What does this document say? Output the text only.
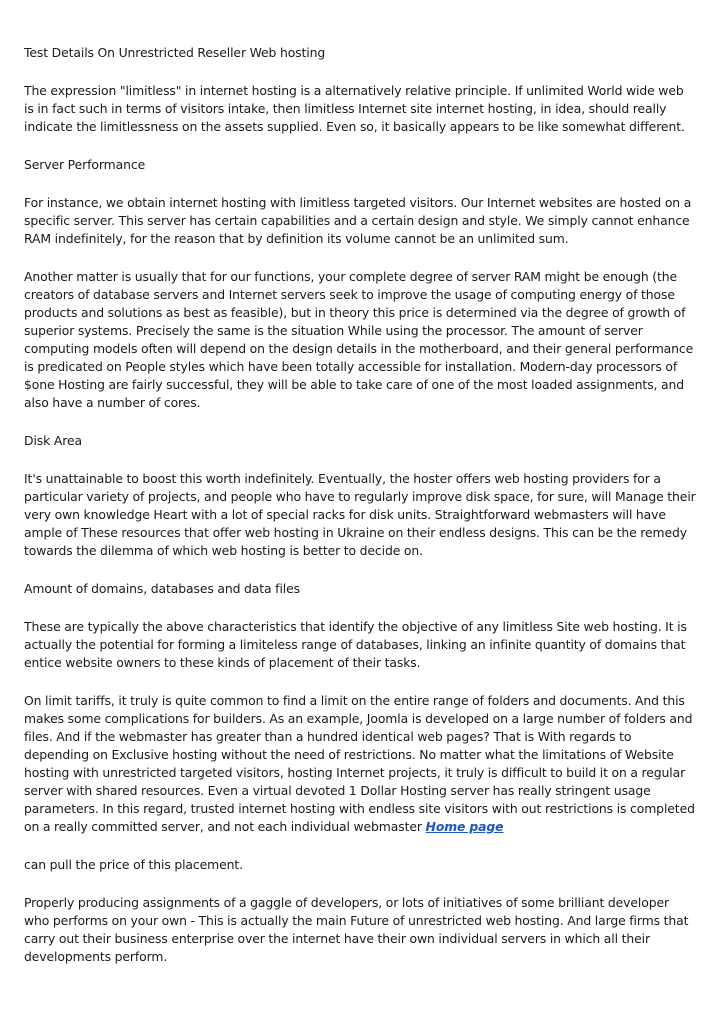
Test Details On Unrestricted Reseller Web hosting

The expression "limitless" in internet hosting is a alternatively relative principle. If unlimited World wide web is in fact such in terms of visitors intake, then limitless Internet site internet hosting, in idea, should really indicate the limitlessness on the assets supplied. Even so, it basically appears to be like somewhat different.

Server Performance

For instance, we obtain internet hosting with limitless targeted visitors. Our Internet websites are hosted on a specific server. This server has certain capabilities and a certain design and style. We simply cannot enhance RAM indefinitely, for the reason that by definition its volume cannot be an unlimited sum.

Another matter is usually that for our functions, your complete degree of server RAM might be enough (the creators of database servers and Internet servers seek to improve the usage of computing energy of those products and solutions as best as feasible), but in theory this price is determined via the degree of growth of superior systems. Precisely the same is the situation While using the processor. The amount of server computing models often will depend on the design details in the motherboard, and their general performance is predicated on People styles which have been totally accessible for installation. Modern-day processors of $one Hosting are fairly successful, they will be able to take care of one of the most loaded assignments, and also have a number of cores.

Disk Area

It's unattainable to boost this worth indefinitely. Eventually, the hoster offers web hosting providers for a particular variety of projects, and people who have to regularly improve disk space, for sure, will Manage their very own knowledge Heart with a lot of special racks for disk units. Straightforward webmasters will have ample of These resources that offer web hosting in Ukraine on their endless designs. This can be the remedy towards the dilemma of which web hosting is better to decide on.

Amount of domains, databases and data files

These are typically the above characteristics that identify the objective of any limitless Site web hosting. It is actually the potential for forming a limiteless range of databases, linking an infinite quantity of domains that entice website owners to these kinds of placement of their tasks.

On limit tariffs, it truly is quite common to find a limit on the entire range of folders and documents. And this makes some complications for builders. As an example, Joomla is developed on a large number of folders and files. And if the webmaster has greater than a hundred identical web pages? That is With regards to depending on Exclusive hosting without the need of restrictions. No matter what the limitations of Website hosting with unrestricted targeted visitors, hosting Internet projects, it truly is difficult to build it on a regular server with shared resources. Even a virtual devoted 1 Dollar Hosting server has really stringent usage parameters. In this regard, trusted internet hosting with endless site visitors with out restrictions is completed on a really committed server, and not each individual webmaster Home page

can pull the price of this placement.

Properly producing assignments of a gaggle of developers, or lots of initiatives of some brilliant developer who performs on your own - This is actually the main Future of unrestricted web hosting. And large firms that carry out their business enterprise over the internet have their own individual servers in which all their developments perform.
